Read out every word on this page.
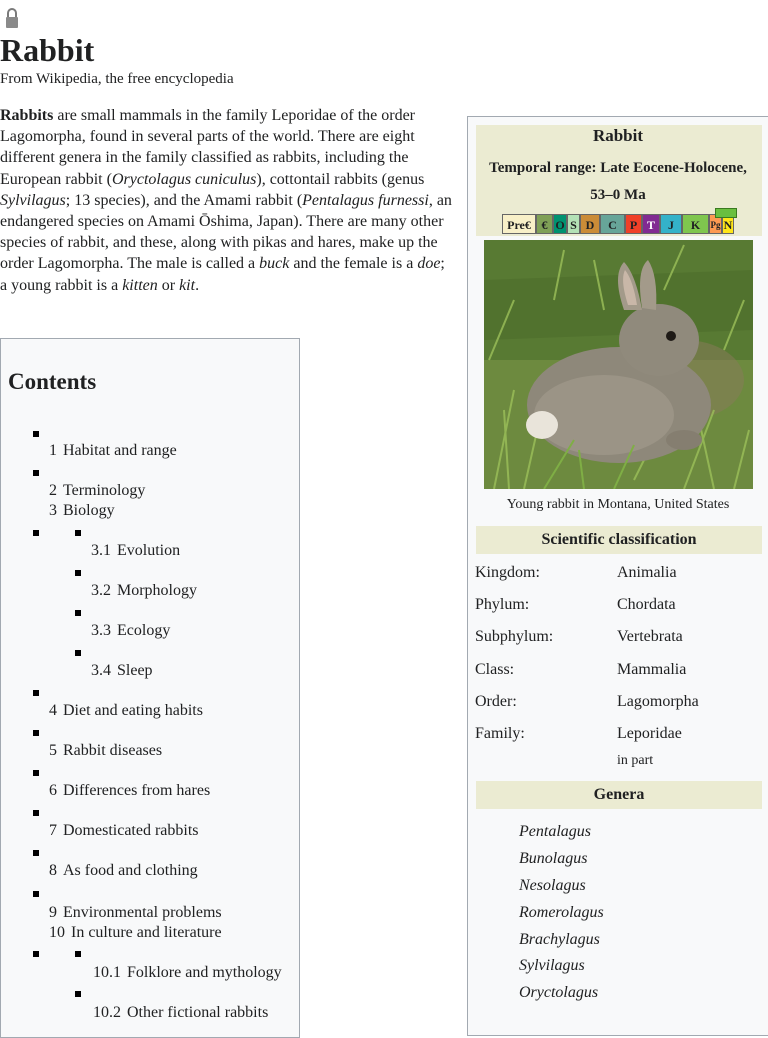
Rabbit
From Wikipedia, the free encyclopedia

Rabbits are small mammals in the family Leporidae of the order Lagomorpha, found in several parts of the world. There are eight different genera in the family classified as rabbits, including the European rabbit (Oryctolagus cuniculus), cottontail rabbits (genus Sylvilagus; 13 species), and the Amami rabbit (Pentalagus furnessi, an endangered species on Amami Ōshima, Japan). There are many other species of rabbit, and these, along with pikas and hares, make up the order Lagomorpha. The male is called a buck and the female is a doe; a young rabbit is a kitten or kit.

Contents
1 Habitat and range
2 Terminology
3 Biology
3.1 Evolution
3.2 Morphology
3.3 Ecology
3.4 Sleep
4 Diet and eating habits
5 Rabbit diseases
6 Differences from hares
7 Domesticated rabbits
8 As food and clothing
9 Environmental problems
10 In culture and literature
10.1 Folklore and mythology
10.2 Other fictional rabbits
Rabbit
Temporal range: Late Eocene-Holocene,
53–0 Ma
Pre€ € O S D	C	P T	J	K	Pg N
Young rabbit in Montana, United States
Scientific classification
Kingdom:	Animalia
Phylum:	Chordata
Subphylum:	Vertebrata
Class:	Mammalia
Order:	Lagomorpha
Family:	Leporidae
in part
Genera
Pentalagus
Bunolagus
Nesolagus
Romerolagus
Brachylagus
Sylvilagus
Oryctolagus
